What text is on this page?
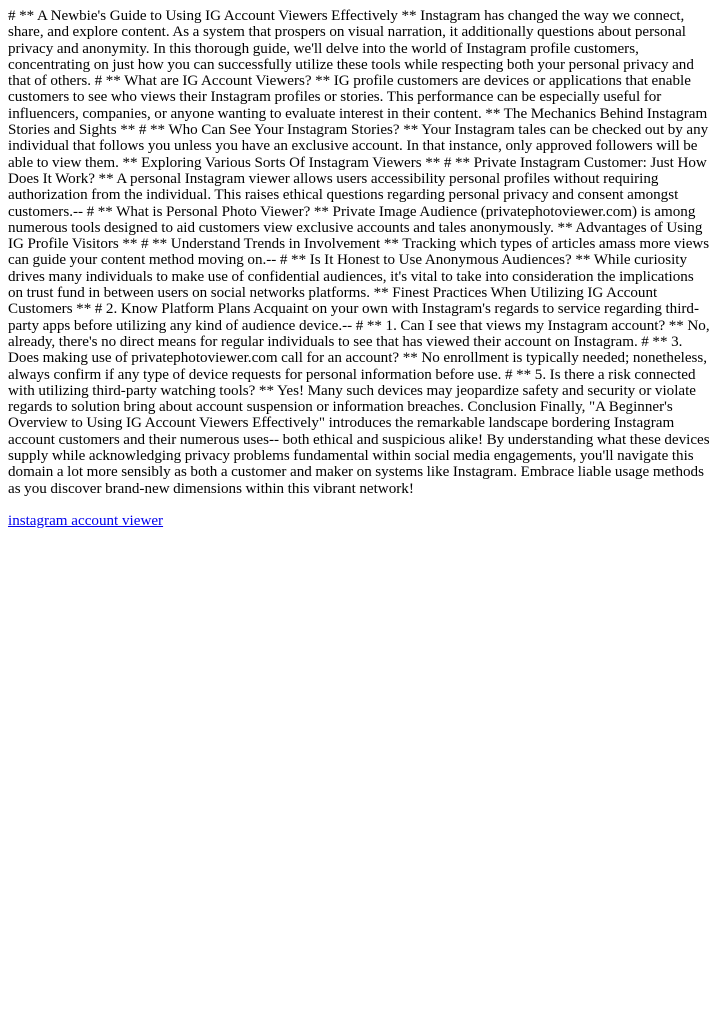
# ** A Newbie's Guide to Using IG Account Viewers Effectively ** Instagram has changed the way we connect, share, and explore content. As a system that prospers on visual narration, it additionally questions about personal privacy and anonymity. In this thorough guide, we'll delve into the world of Instagram profile customers, concentrating on just how you can successfully utilize these tools while respecting both your personal privacy and that of others. # ** What are IG Account Viewers? ** IG profile customers are devices or applications that enable customers to see who views their Instagram profiles or stories. This performance can be especially useful for influencers, companies, or anyone wanting to evaluate interest in their content. ** The Mechanics Behind Instagram Stories and Sights ** # ** Who Can See Your Instagram Stories? ** Your Instagram tales can be checked out by any individual that follows you unless you have an exclusive account. In that instance, only approved followers will be able to view them. ** Exploring Various Sorts Of Instagram Viewers ** # ** Private Instagram Customer: Just How Does It Work? ** A personal Instagram viewer allows users accessibility personal profiles without requiring authorization from the individual. This raises ethical questions regarding personal privacy and consent amongst customers.-- # ** What is Personal Photo Viewer? ** Private Image Audience (privatephotoviewer.com) is among numerous tools designed to aid customers view exclusive accounts and tales anonymously. ** Advantages of Using IG Profile Visitors ** # ** Understand Trends in Involvement ** Tracking which types of articles amass more views can guide your content method moving on.-- # ** Is It Honest to Use Anonymous Audiences? ** While curiosity drives many individuals to make use of confidential audiences, it's vital to take into consideration the implications on trust fund in between users on social networks platforms. ** Finest Practices When Utilizing IG Account Customers ** # 2. Know Platform Plans Acquaint on your own with Instagram's regards to service regarding third-party apps before utilizing any kind of audience device.-- # ** 1. Can I see that views my Instagram account? ** No, already, there's no direct means for regular individuals to see that has viewed their account on Instagram. # ** 3. Does making use of privatephotoviewer.com call for an account? ** No enrollment is typically needed; nonetheless, always confirm if any type of device requests for personal information before use. # ** 5. Is there a risk connected with utilizing third-party watching tools? ** Yes! Many such devices may jeopardize safety and security or violate regards to solution bring about account suspension or information breaches. Conclusion Finally, "A Beginner's Overview to Using IG Account Viewers Effectively" introduces the remarkable landscape bordering Instagram account customers and their numerous uses-- both ethical and suspicious alike! By understanding what these devices supply while acknowledging privacy problems fundamental within social media engagements, you'll navigate this domain a lot more sensibly as both a customer and maker on systems like Instagram. Embrace liable usage methods as you discover brand-new dimensions within this vibrant network!

instagram account viewer
